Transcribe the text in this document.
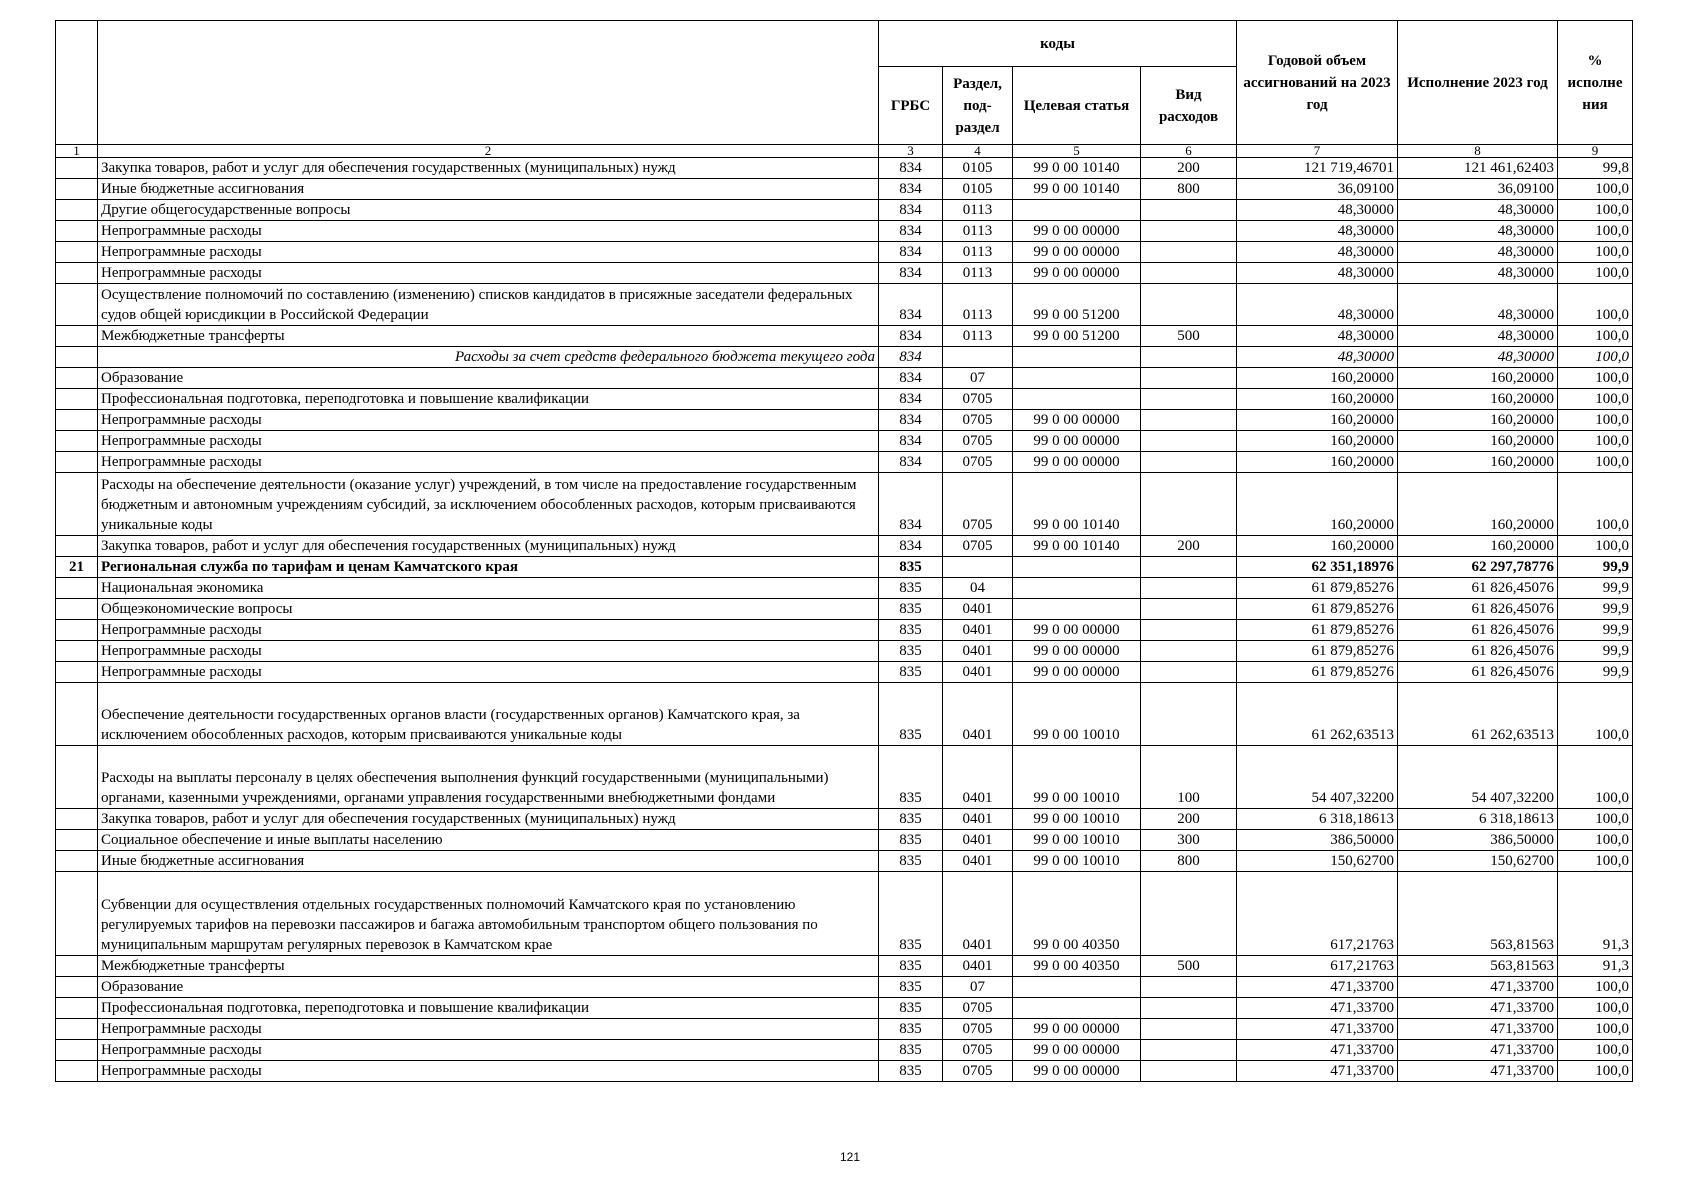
		коды				Годовой объем ассигнований на 2023 год	Исполнение 2023 год	% исполне ния
		ГРБС	Раздел, под-раздел	Целевая статья	Вид расходов			
1	2	3	4	5	6	7	8	9
	Закупка товаров, работ и услуг для обеспечения государственных (муниципальных) нужд	834	0105	99 0 00 10140	200	121 719,46701	121 461,62403	99,8
	Иные бюджетные ассигнования	834	0105	99 0 00 10140	800	36,09100	36,09100	100,0
	Другие общегосударственные вопросы	834	0113			48,30000	48,30000	100,0
	Непрограммные расходы	834	0113	99 0 00 00000		48,30000	48,30000	100,0
	Непрограммные расходы	834	0113	99 0 00 00000		48,30000	48,30000	100,0
	Непрограммные расходы	834	0113	99 0 00 00000		48,30000	48,30000	100,0
	Осуществление полномочий по составлению (изменению) списков кандидатов в присяжные заседатели федеральных судов общей юрисдикции в Российской Федерации	834	0113	99 0 00 51200		48,30000	48,30000	100,0
	Межбюджетные трансферты	834	0113	99 0 00 51200	500	48,30000	48,30000	100,0
	Расходы за счет средств федерального бюджета текущего года	834				48,30000	48,30000	100,0
	Образование	834	07			160,20000	160,20000	100,0
	Профессиональная подготовка, переподготовка и повышение квалификации	834	0705			160,20000	160,20000	100,0
	Непрограммные расходы	834	0705	99 0 00 00000		160,20000	160,20000	100,0
	Непрограммные расходы	834	0705	99 0 00 00000		160,20000	160,20000	100,0
	Непрограммные расходы	834	0705	99 0 00 00000		160,20000	160,20000	100,0
	Расходы на обеспечение деятельности (оказание услуг) учреждений, в том числе на предоставление государственным бюджетным и автономным учреждениям субсидий, за исключением обособленных расходов, которым присваиваются уникальные коды	834	0705	99 0 00 10140		160,20000	160,20000	100,0
	Закупка товаров, работ и услуг для обеспечения государственных (муниципальных) нужд	834	0705	99 0 00 10140	200	160,20000	160,20000	100,0
21	Региональная служба по тарифам и ценам Камчатского края	835				62 351,18976	62 297,78776	99,9
	Национальная экономика	835	04			61 879,85276	61 826,45076	99,9
	Общеэкономические вопросы	835	0401			61 879,85276	61 826,45076	99,9
	Непрограммные расходы	835	0401	99 0 00 00000		61 879,85276	61 826,45076	99,9
	Непрограммные расходы	835	0401	99 0 00 00000		61 879,85276	61 826,45076	99,9
	Непрограммные расходы	835	0401	99 0 00 00000		61 879,85276	61 826,45076	99,9
	Обеспечение деятельности государственных органов власти (государственных органов) Камчатского края, за исключением обособленных расходов, которым присваиваются уникальные коды	835	0401	99 0 00 10010		61 262,63513	61 262,63513	100,0
	Расходы на выплаты персоналу в целях обеспечения выполнения функций государственными (муниципальными) органами, казенными учреждениями, органами управления государственными внебюджетными фондами	835	0401	99 0 00 10010	100	54 407,32200	54 407,32200	100,0
	Закупка товаров, работ и услуг для обеспечения государственных (муниципальных) нужд	835	0401	99 0 00 10010	200	6 318,18613	6 318,18613	100,0
	Социальное обеспечение и иные выплаты населению	835	0401	99 0 00 10010	300	386,50000	386,50000	100,0
	Иные бюджетные ассигнования	835	0401	99 0 00 10010	800	150,62700	150,62700	100,0
	Субвенции для осуществления отдельных государственных полномочий Камчатского края по установлению регулируемых тарифов на перевозки пассажиров и багажа автомобильным транспортом общего пользования по муниципальным маршрутам регулярных перевозок в Камчатском крае	835	0401	99 0 00 40350		617,21763	563,81563	91,3
	Межбюджетные трансферты	835	0401	99 0 00 40350	500	617,21763	563,81563	91,3
	Образование	835	07			471,33700	471,33700	100,0
	Профессиональная подготовка, переподготовка и повышение квалификации	835	0705			471,33700	471,33700	100,0
	Непрограммные расходы	835	0705	99 0 00 00000		471,33700	471,33700	100,0
	Непрограммные расходы	835	0705	99 0 00 00000		471,33700	471,33700	100,0
	Непрограммные расходы	835	0705	99 0 00 00000		471,33700	471,33700	100,0
121
